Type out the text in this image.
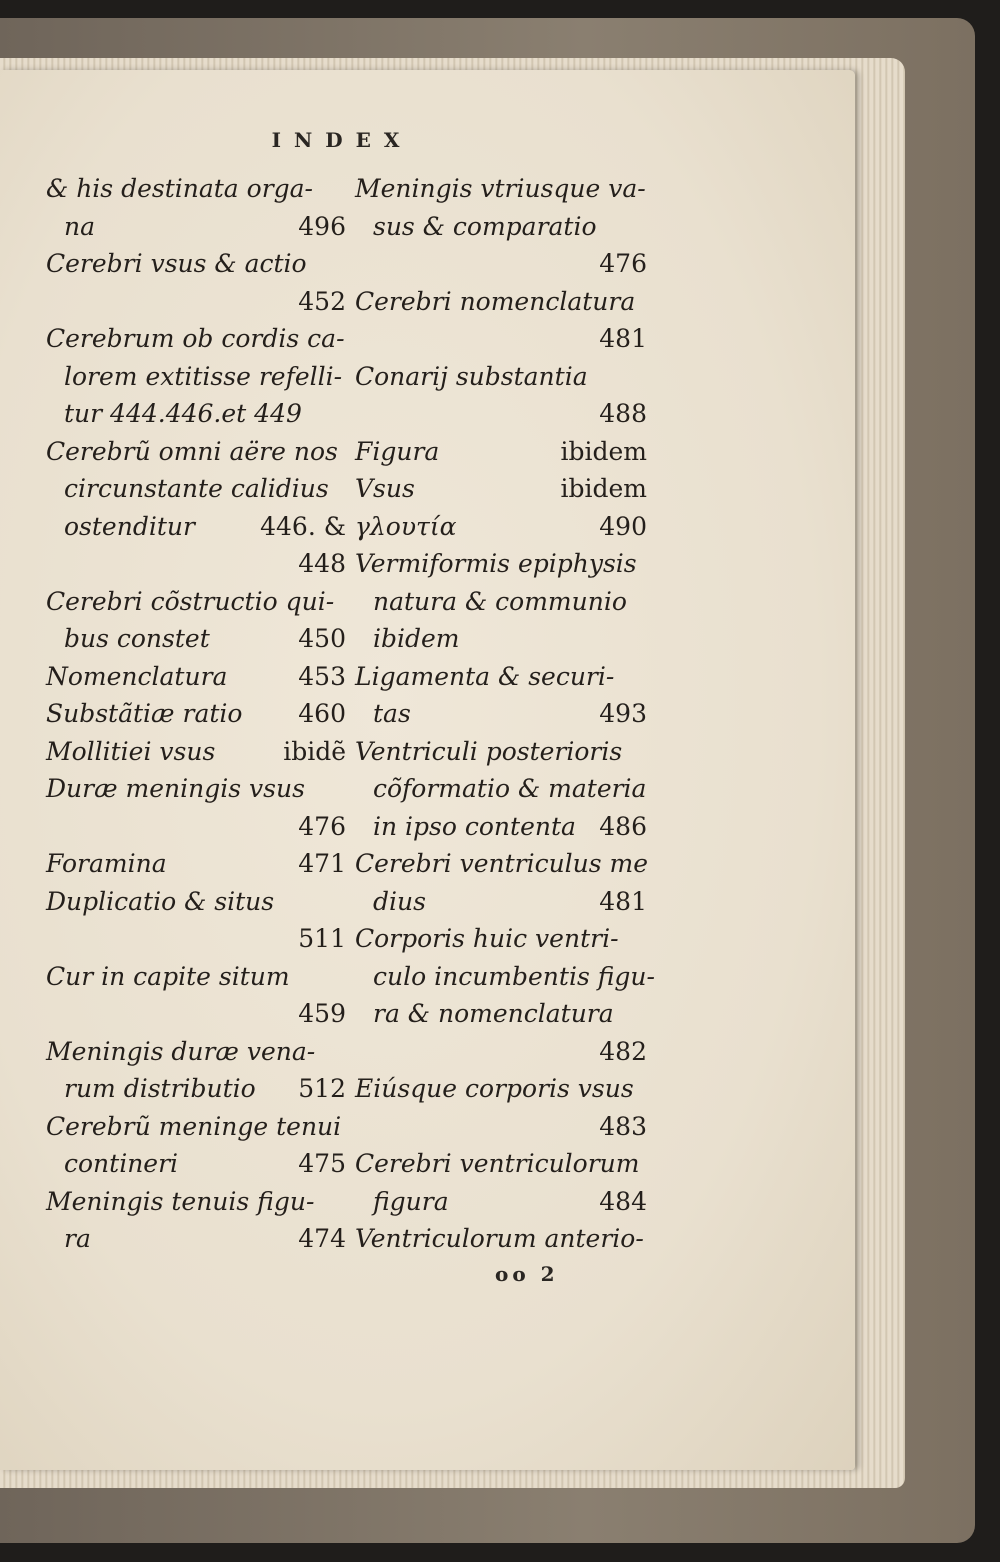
INDEX
& his destinata orga-
na	496
Cerebri vsus & actio
452
Cerebrum ob cordis ca-
lorem extitisse refelli-
tur 444.446.et 449
Cerebrũ omni aëre nos
circunstante calidius
ostenditur	446. &
448
Cerebri cõstructio qui-
bus constet	450
Nomenclatura	453
Substãtiæ ratio 460
Mollitiei vsus	ibidẽ
Duræ meningis vsus
476
Foramina	471
Duplicatio & situs
511
Cur in capite situm
459
Meningis duræ vena-
rum distributio 512
Cerebrũ meninge tenui
contineri	475
Meningis tenuis figu-
ra	474
Meningis vtriusque va-
sus & comparatio
476
Cerebri nomenclatura
481
Conarij substantia
488
Figura	ibidem
Vsus	ibidem
γλουτία	490
Vermiformis epiphysis
natura & communio
ibidem
Ligamenta & securi-
tas	493
Ventriculi posterioris
cõformatio & materia
in ipso contenta 486
Cerebri ventriculus me
dius	481
Corporis huic ventri-
culo incumbentis figu-
ra & nomenclatura
482
Eiúsque corporis vsus
483
Cerebri ventriculorum
figura	484
Ventriculorum anterio-
oo 2
